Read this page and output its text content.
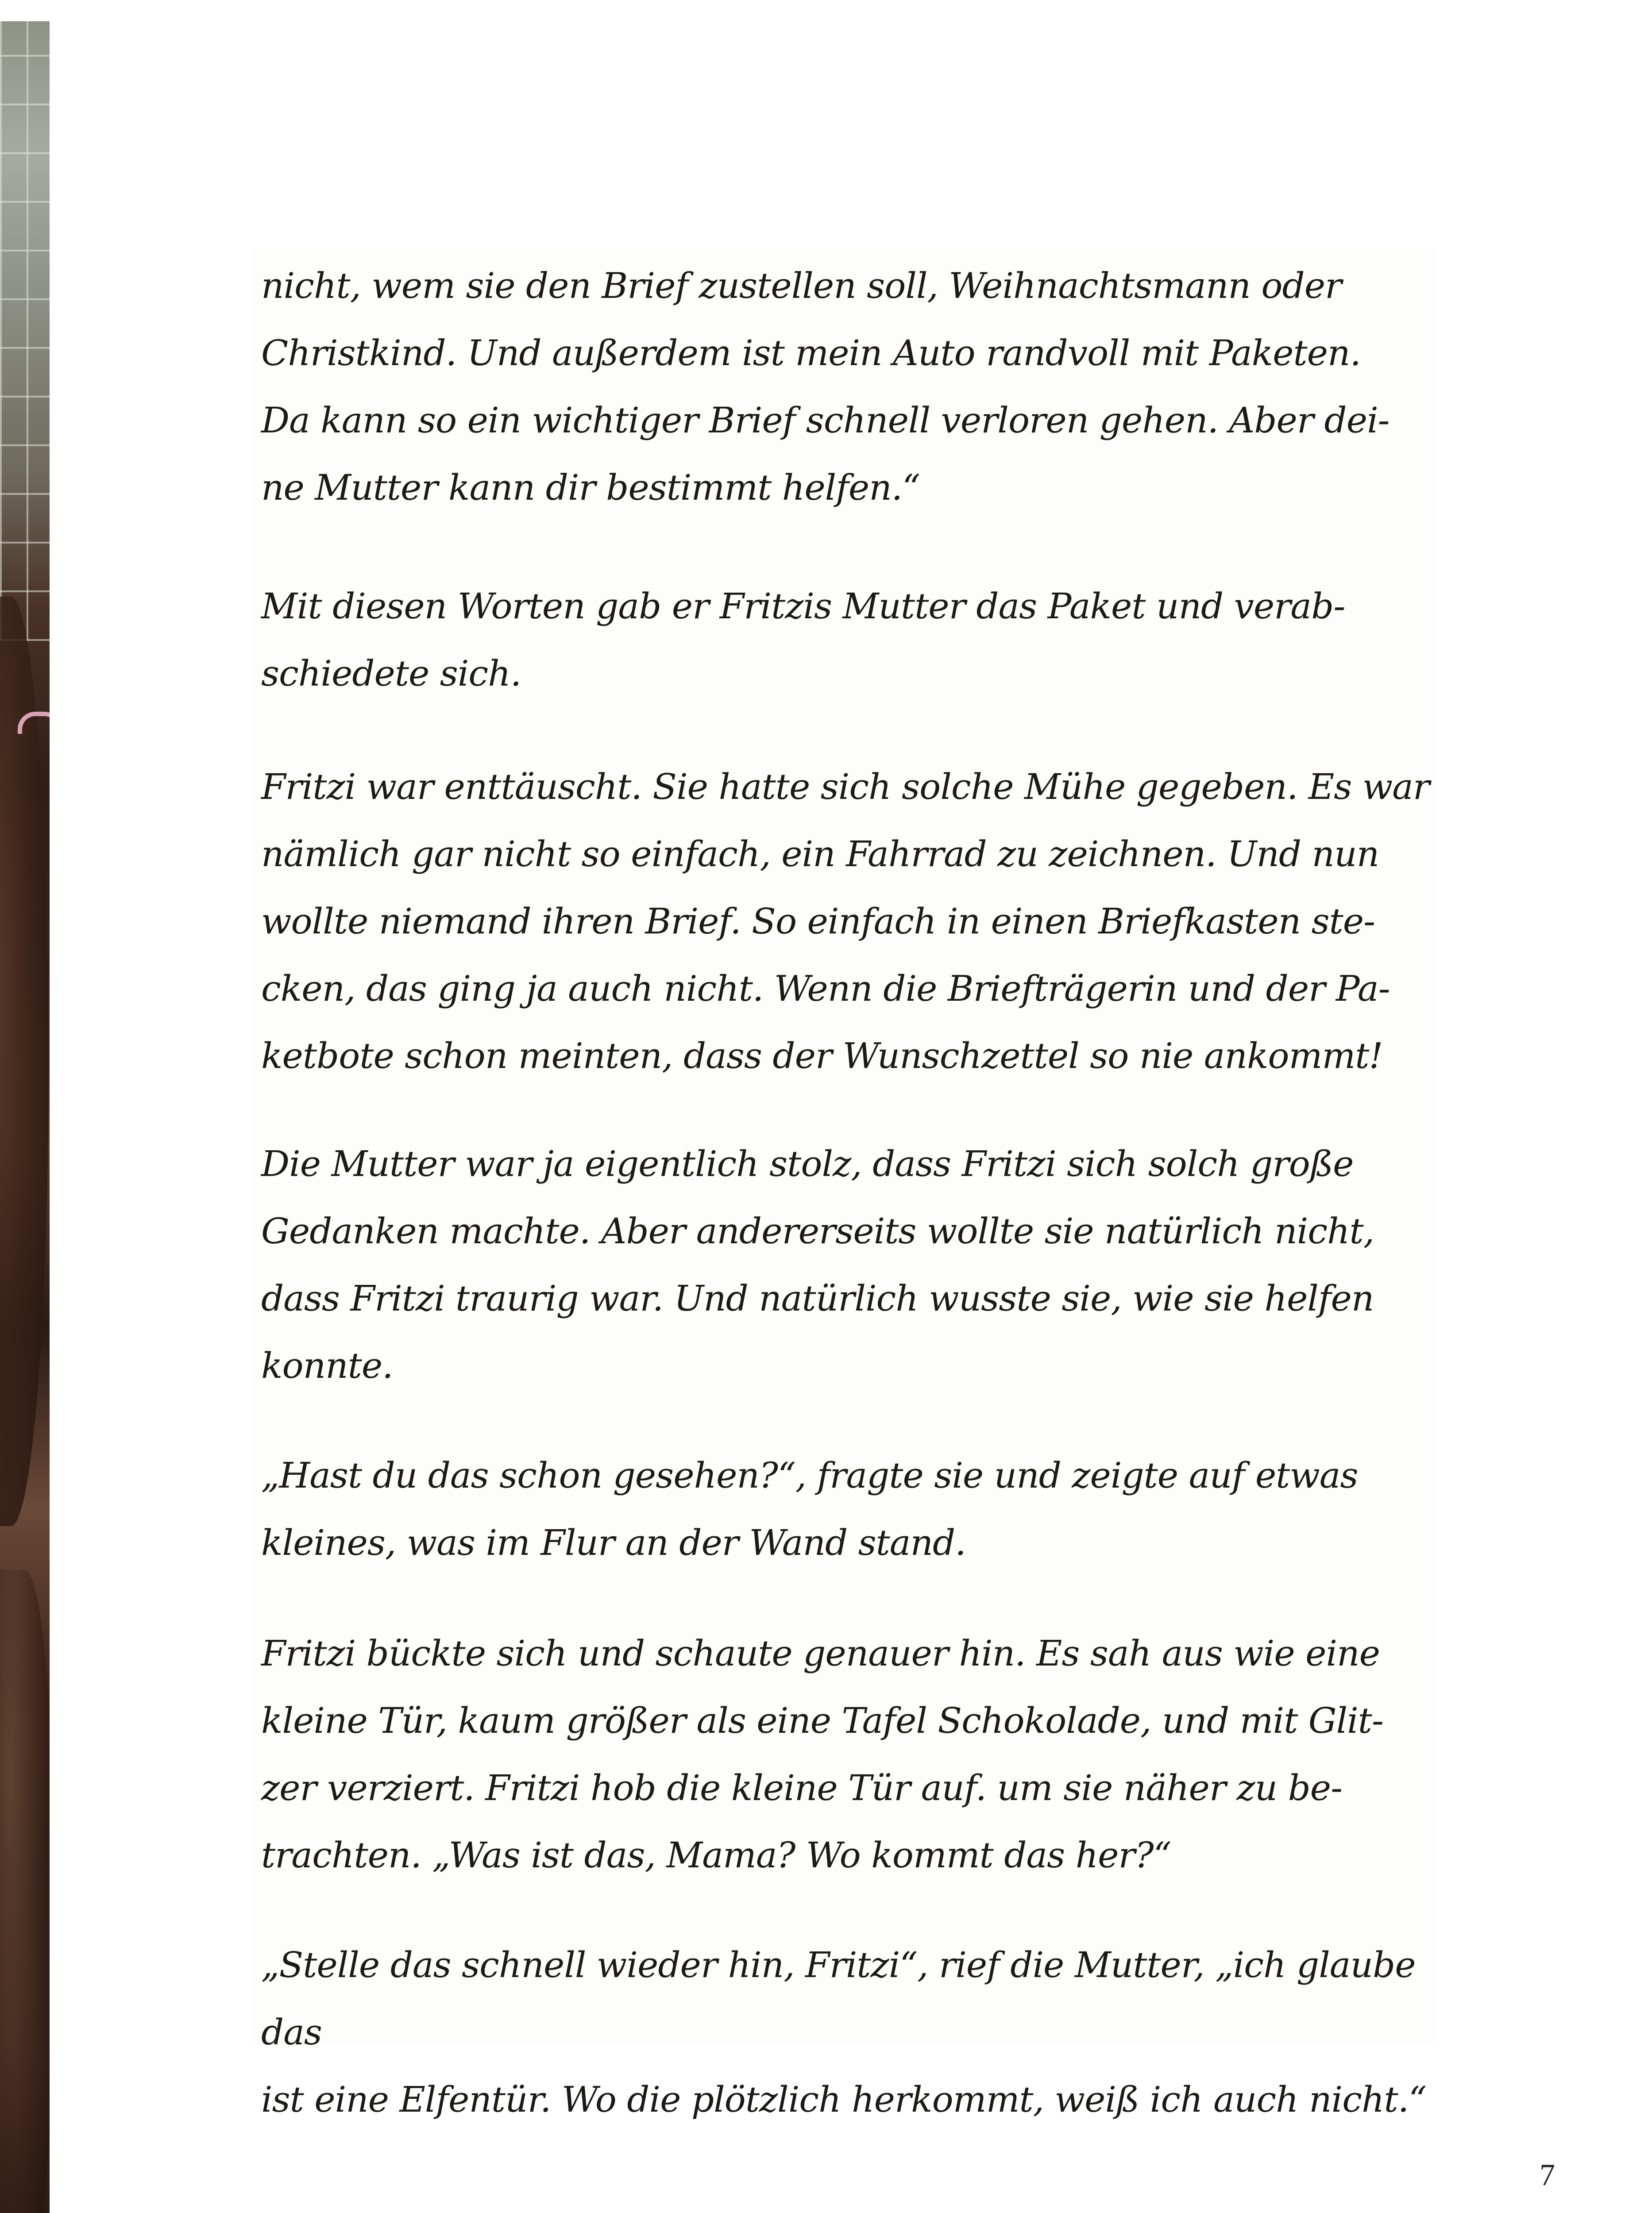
nicht, wem sie den Brief zustellen soll, Weihnachtsmann oder
Christkind. Und außerdem ist mein Auto randvoll mit Paketen.
Da kann so ein wichtiger Brief schnell verloren gehen. Aber dei-
ne Mutter kann dir bestimmt helfen.“

Mit diesen Worten gab er Fritzis Mutter das Paket und verab-
schiedete sich.

Fritzi war enttäuscht. Sie hatte sich solche Mühe gegeben. Es war
nämlich gar nicht so einfach, ein Fahrrad zu zeichnen. Und nun
wollte niemand ihren Brief. So einfach in einen Briefkasten ste-
cken, das ging ja auch nicht. Wenn die Briefträgerin und der Pa-
ketbote schon meinten, dass der Wunschzettel so nie ankommt!

Die Mutter war ja eigentlich stolz, dass Fritzi sich solch große
Gedanken machte. Aber andererseits wollte sie natürlich nicht,
dass Fritzi traurig war. Und natürlich wusste sie, wie sie helfen
konnte.

„Hast du das schon gesehen?“, fragte sie und zeigte auf etwas
kleines, was im Flur an der Wand stand.

Fritzi bückte sich und schaute genauer hin. Es sah aus wie eine
kleine Tür, kaum größer als eine Tafel Schokolade, und mit Glit-
zer verziert. Fritzi hob die kleine Tür auf. um sie näher zu be-
trachten. „Was ist das, Mama? Wo kommt das her?“

„Stelle das schnell wieder hin, Fritzi“, rief die Mutter, „ich glaube das
ist eine Elfentür. Wo die plötzlich herkommt, weiß ich auch nicht.“

7
